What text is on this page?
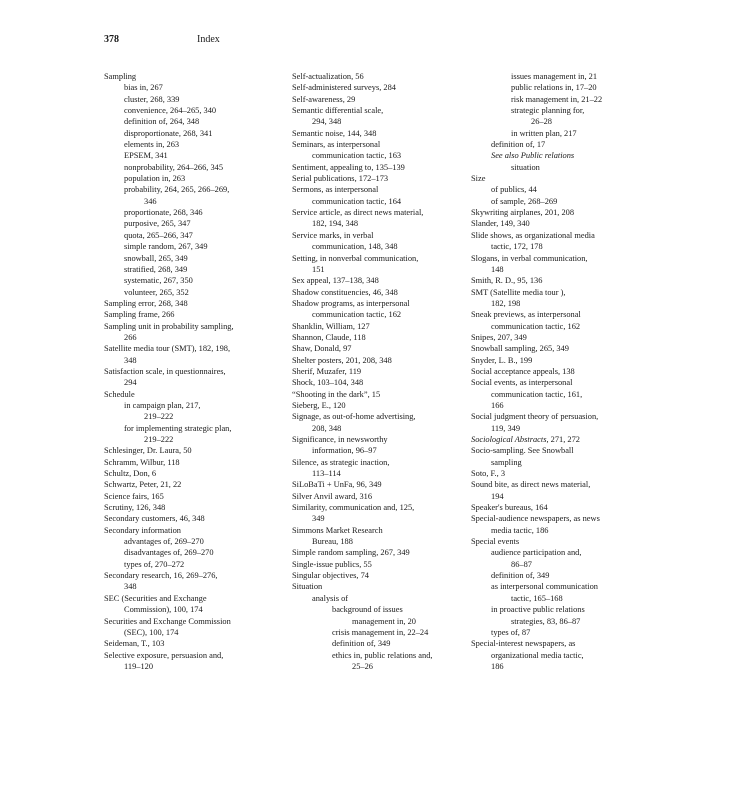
378	Index
Sampling
bias in, 267
cluster, 268, 339
convenience, 264–265, 340
definition of, 264, 348
disproportionate, 268, 341
elements in, 263
EPSEM, 341
nonprobability, 264–266, 345
population in, 263
probability, 264, 265, 266–269,
346
proportionate, 268, 346
purposive, 265, 347
quota, 265–266, 347
simple random, 267, 349
snowball, 265, 349
stratified, 268, 349
systematic, 267, 350
volunteer, 265, 352
Sampling error, 268, 348
Sampling frame, 266
Sampling unit in probability sampling,
266
Satellite media tour (SMT), 182, 198,
348
Satisfaction scale, in questionnaires,
294
Schedule
in campaign plan, 217,
219–222
for implementing strategic plan,
219–222
Schlesinger, Dr. Laura, 50
Schramm, Wilbur, 118
Schultz, Don, 6
Schwartz, Peter, 21, 22
Science fairs, 165
Scrutiny, 126, 348
Secondary customers, 46, 348
Secondary information
advantages of, 269–270
disadvantages of, 269–270
types of, 270–272
Secondary research, 16, 269–276,
348
SEC (Securities and Exchange
Commission), 100, 174
Securities and Exchange Commission
(SEC), 100, 174
Seideman, T., 103
Selective exposure, persuasion and,
119–120
Self-actualization, 56
Self-administered surveys, 284
Self-awareness, 29
Semantic differential scale,
294, 348
Semantic noise, 144, 348
Seminars, as interpersonal
communication tactic, 163
Sentiment, appealing to, 135–139
Serial publications, 172–173
Sermons, as interpersonal
communication tactic, 164
Service article, as direct news material,
182, 194, 348
Service marks, in verbal
communication, 148, 348
Setting, in nonverbal communication,
151
Sex appeal, 137–138, 348
Shadow constituencies, 46, 348
Shadow programs, as interpersonal
communication tactic, 162
Shanklin, William, 127
Shannon, Claude, 118
Shaw, Donald, 97
Shelter posters, 201, 208, 348
Sherif, Muzafer, 119
Shock, 103–104, 348
“Shooting in the dark”, 15
Sieberg, E., 120
Signage, as out-of-home advertising,
208, 348
Significance, in newsworthy
information, 96–97
Silence, as strategic inaction,
113–114
SiLoBaTi + UnFa, 96, 349
Silver Anvil award, 316
Similarity, communication and, 125,
349
Simmons Market Research
Bureau, 188
Simple random sampling, 267, 349
Single-issue publics, 55
Singular objectives, 74
Situation
analysis of
background of issues
management in, 20
crisis management in, 22–24
definition of, 349
ethics in, public relations and,
25–26
issues management in, 21
public relations in, 17–20
risk management in, 21–22
strategic planning for,
26–28
in written plan, 217
definition of, 17
See also Public relations
situation
Size
of publics, 44
of sample, 268–269
Skywriting airplanes, 201, 208
Slander, 149, 340
Slide shows, as organizational media
tactic, 172, 178
Slogans, in verbal communication,
148
Smith, R. D., 95, 136
SMT (Satellite media tour ),
182, 198
Sneak previews, as interpersonal
communication tactic, 162
Snipes, 207, 349
Snowball sampling, 265, 349
Snyder, L. B., 199
Social acceptance appeals, 138
Social events, as interpersonal
communication tactic, 161,
166
Social judgment theory of persuasion,
119, 349
Sociological Abstracts, 271, 272
Socio-sampling. See Snowball
sampling
Soto, F., 3
Sound bite, as direct news material,
194
Speaker's bureaus, 164
Special-audience newspapers, as news
media tactic, 186
Special events
audience participation and,
86–87
definition of, 349
as interpersonal communication
tactic, 165–168
in proactive public relations
strategies, 83, 86–87
types of, 87
Special-interest newspapers, as
organizational media tactic,
186
